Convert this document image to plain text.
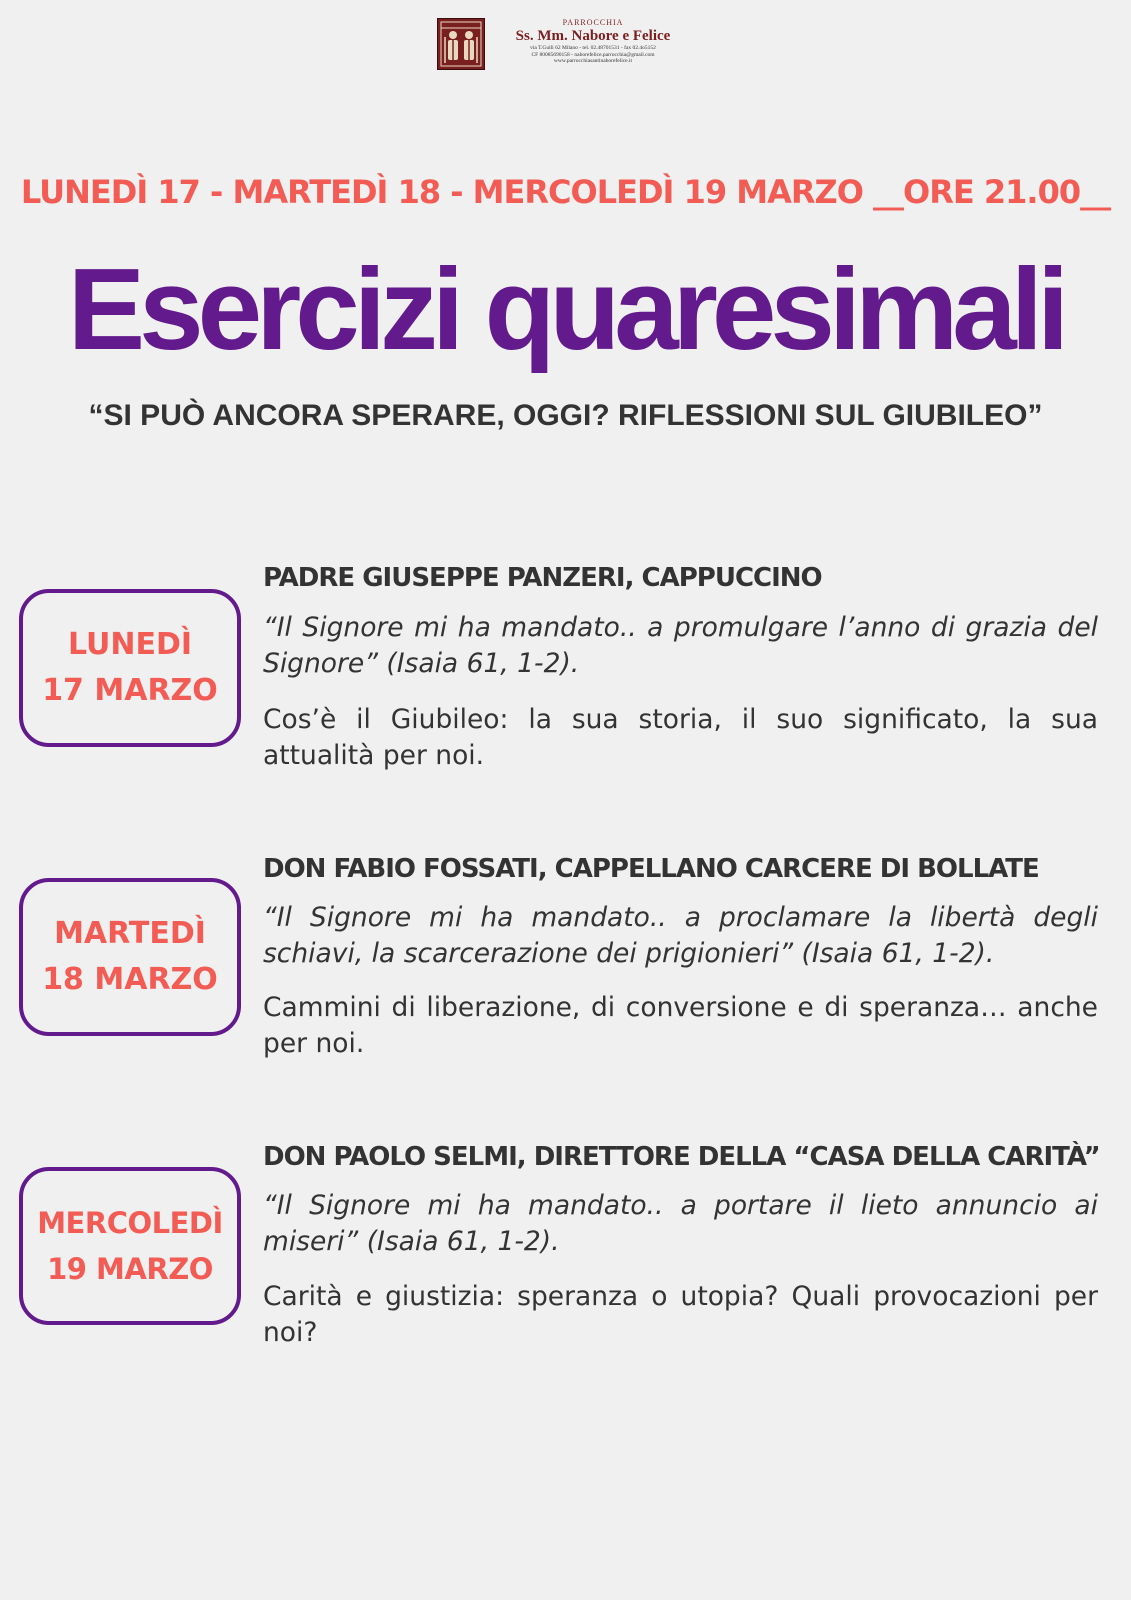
PARROCCHIA
Ss. Mm. Nabore e Felice
via T.Gulli 62 Milano - tel. 02.48701531 - fax 02.4o5152
CF 80085690158 - naborefelice.parrocchia@gmail.com
www.parrocchiasantinaborefelice.it
LUNEDÌ 17 - MARTEDÌ 18 - MERCOLEDÌ 19 MARZO __ORE 21.00__
Esercizi quaresimali
“SI PUÒ ANCORA SPERARE, OGGI? RIFLESSIONI SUL GIUBILEO”
LUNEDÌ
17 MARZO
PADRE GIUSEPPE PANZERI, CAPPUCCINO
“Il Signore mi ha mandato.. a promulgare l’anno di grazia del Signore” (Isaia 61, 1-2).
Cos’è il Giubileo: la sua storia, il suo significato, la sua attualità per noi.
MARTEDÌ
18 MARZO
DON FABIO FOSSATI, CAPPELLANO CARCERE DI BOLLATE
“Il Signore mi ha mandato.. a proclamare la libertà degli schiavi, la scarcerazione dei prigionieri” (Isaia 61, 1-2).
Cammini di liberazione, di conversione e di speranza… anche per noi.
MERCOLEDÌ
19 MARZO
DON PAOLO SELMI, DIRETTORE DELLA “CASA DELLA CARITÀ”
“Il Signore mi ha mandato.. a portare il lieto annuncio ai miseri” (Isaia 61, 1-2).
Carità e giustizia: speranza o utopia? Quali provocazioni per noi?
